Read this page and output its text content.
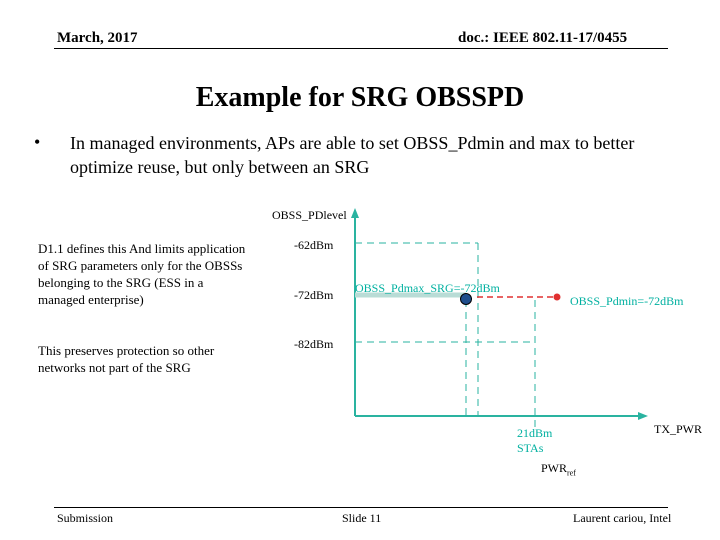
March, 2017	doc.: IEEE 802.11-17/0455
Example for SRG OBSSPD
• In managed environments, APs are able to set OBSS_Pdmin and max to better optimize reuse, but only between an SRG
D1.1 defines this And limits application of SRG parameters only for the OBSSs belonging to the SRG (ESS in a managed enterprise)
This preserves protection so other networks not part of the SRG
OBSS_PDlevel
-62dBm
-72dBm
-82dBm
OBSS_Pdmax_SRG=-72dBm
OBSS_Pdmin=-72dBm
21dBm
STAs
TX_PWR
$PWR_{ref}$
Submission	Slide 11	Laurent cariou, Intel
